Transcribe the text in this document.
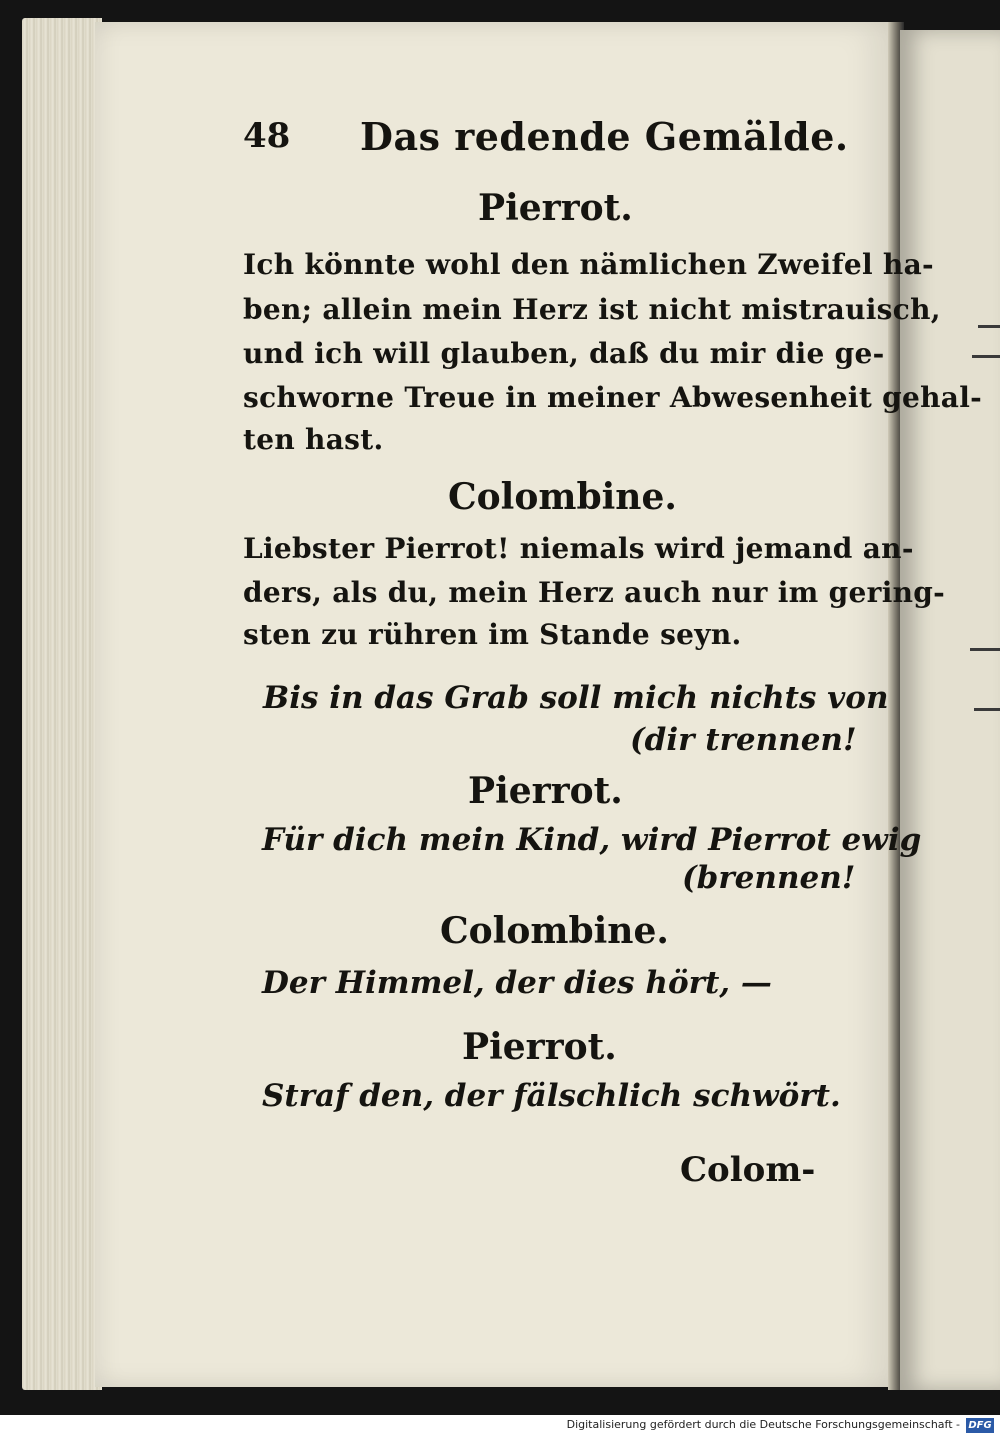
48 Das redende Gemälde.
Pierrot.
Ich könnte wohl den nämlichen Zweifel ha-
ben; allein mein Herz ist nicht mistrauisch,
und ich will glauben, daß du mir die ge-
schworne Treue in meiner Abwesenheit gehal-
ten hast.
Colombine.
Liebster Pierrot! niemals wird jemand an-
ders, als du, mein Herz auch nur im gering-
sten zu rühren im Stande seyn.
Bis in das Grab soll mich nichts von
(dir trennen!
Pierrot.
Für dich mein Kind, wird Pierrot ewig
(brennen!
Colombine.
Der Himmel, der dies hört, —
Pierrot.
Straf den, der fälschlich schwört.
Colom-
Digitalisierung gefördert durch die Deutsche Forschungsgemeinschaft - DFG
